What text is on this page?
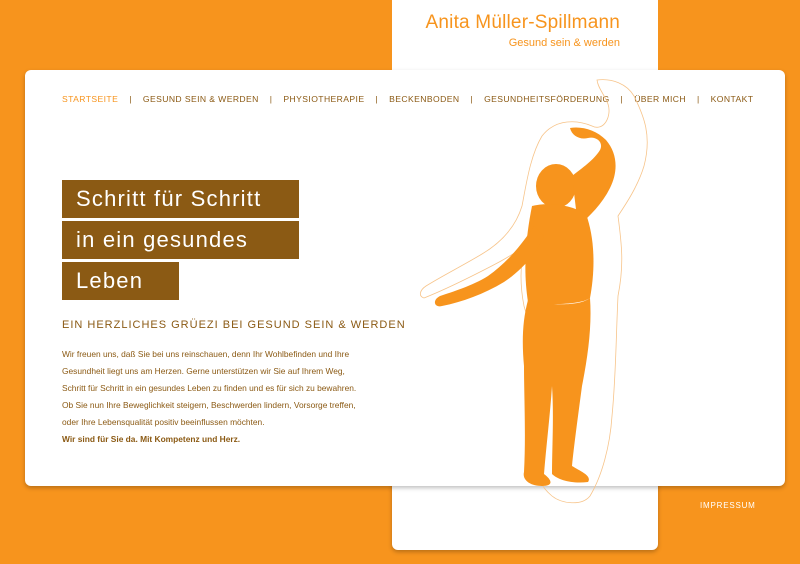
Anita Müller-Spillmann
Gesund sein & werden
STARTSEITE | GESUND SEIN & WERDEN | PHYSIOTHERAPIE | BECKENBODEN | GESUNDHEITSFÖRDERUNG | ÜBER MICH | KONTAKT
Schritt für Schritt
in ein gesundes
Leben
EIN HERZLICHES GRÜEZI BEI GESUND SEIN & WERDEN

Wir freuen uns, daß Sie bei uns reinschauen, denn Ihr Wohlbefinden und Ihre

Gesundheit liegt uns am Herzen. Gerne unterstützen wir Sie auf Ihrem Weg,

Schritt für Schritt in ein gesundes Leben zu finden und es für sich zu bewahren.

Ob Sie nun Ihre Beweglichkeit steigern, Beschwerden lindern, Vorsorge treffen,

oder Ihre Lebensqualität positiv beeinflussen möchten.

Wir sind für Sie da. Mit Kompetenz und Herz.

IMPRESSUM
